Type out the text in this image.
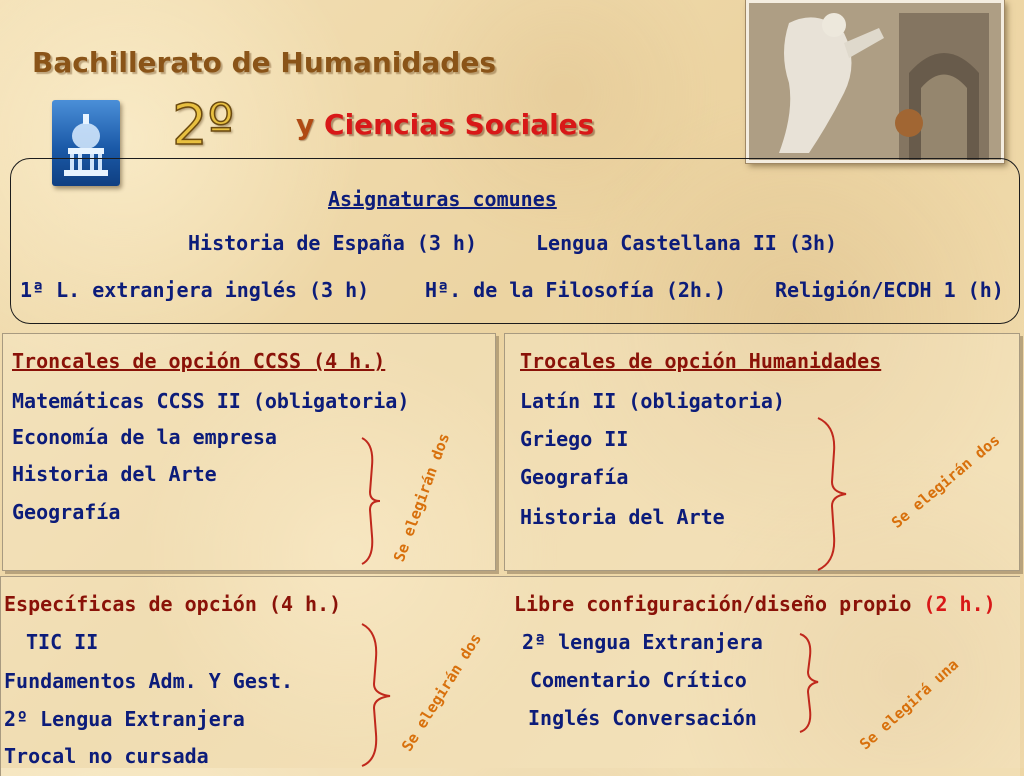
Bachillerato de Humanidades
2º y Ciencias Sociales
Asignaturas comunes
Historia de España (3 h)	Lengua Castellana II (3h)
1ª L. extranjera inglés (3 h)	Hª. de la Filosofía (2h.) Religión/ECDH 1 (h)
Troncales de opción CCSS (4 h.)
Matemáticas CCSS II (obligatoria)
Economía de la empresa
Historia del Arte
Geografía	Se elegirán dos
Trocales de opción Humanidades
Latín II (obligatoria)
Griego II
Geografía
Historia del Arte	Se elegirán dos
Específicas de opción (4 h.)
TIC II
Fundamentos Adm. Y Gest.
2º Lengua Extranjera
Trocal no cursada
Se elegirán dos
Libre configuración/diseño propio (2 h.)
2ª lengua Extranjera
Comentario Crítico
Inglés Conversación	Se elegirá una
